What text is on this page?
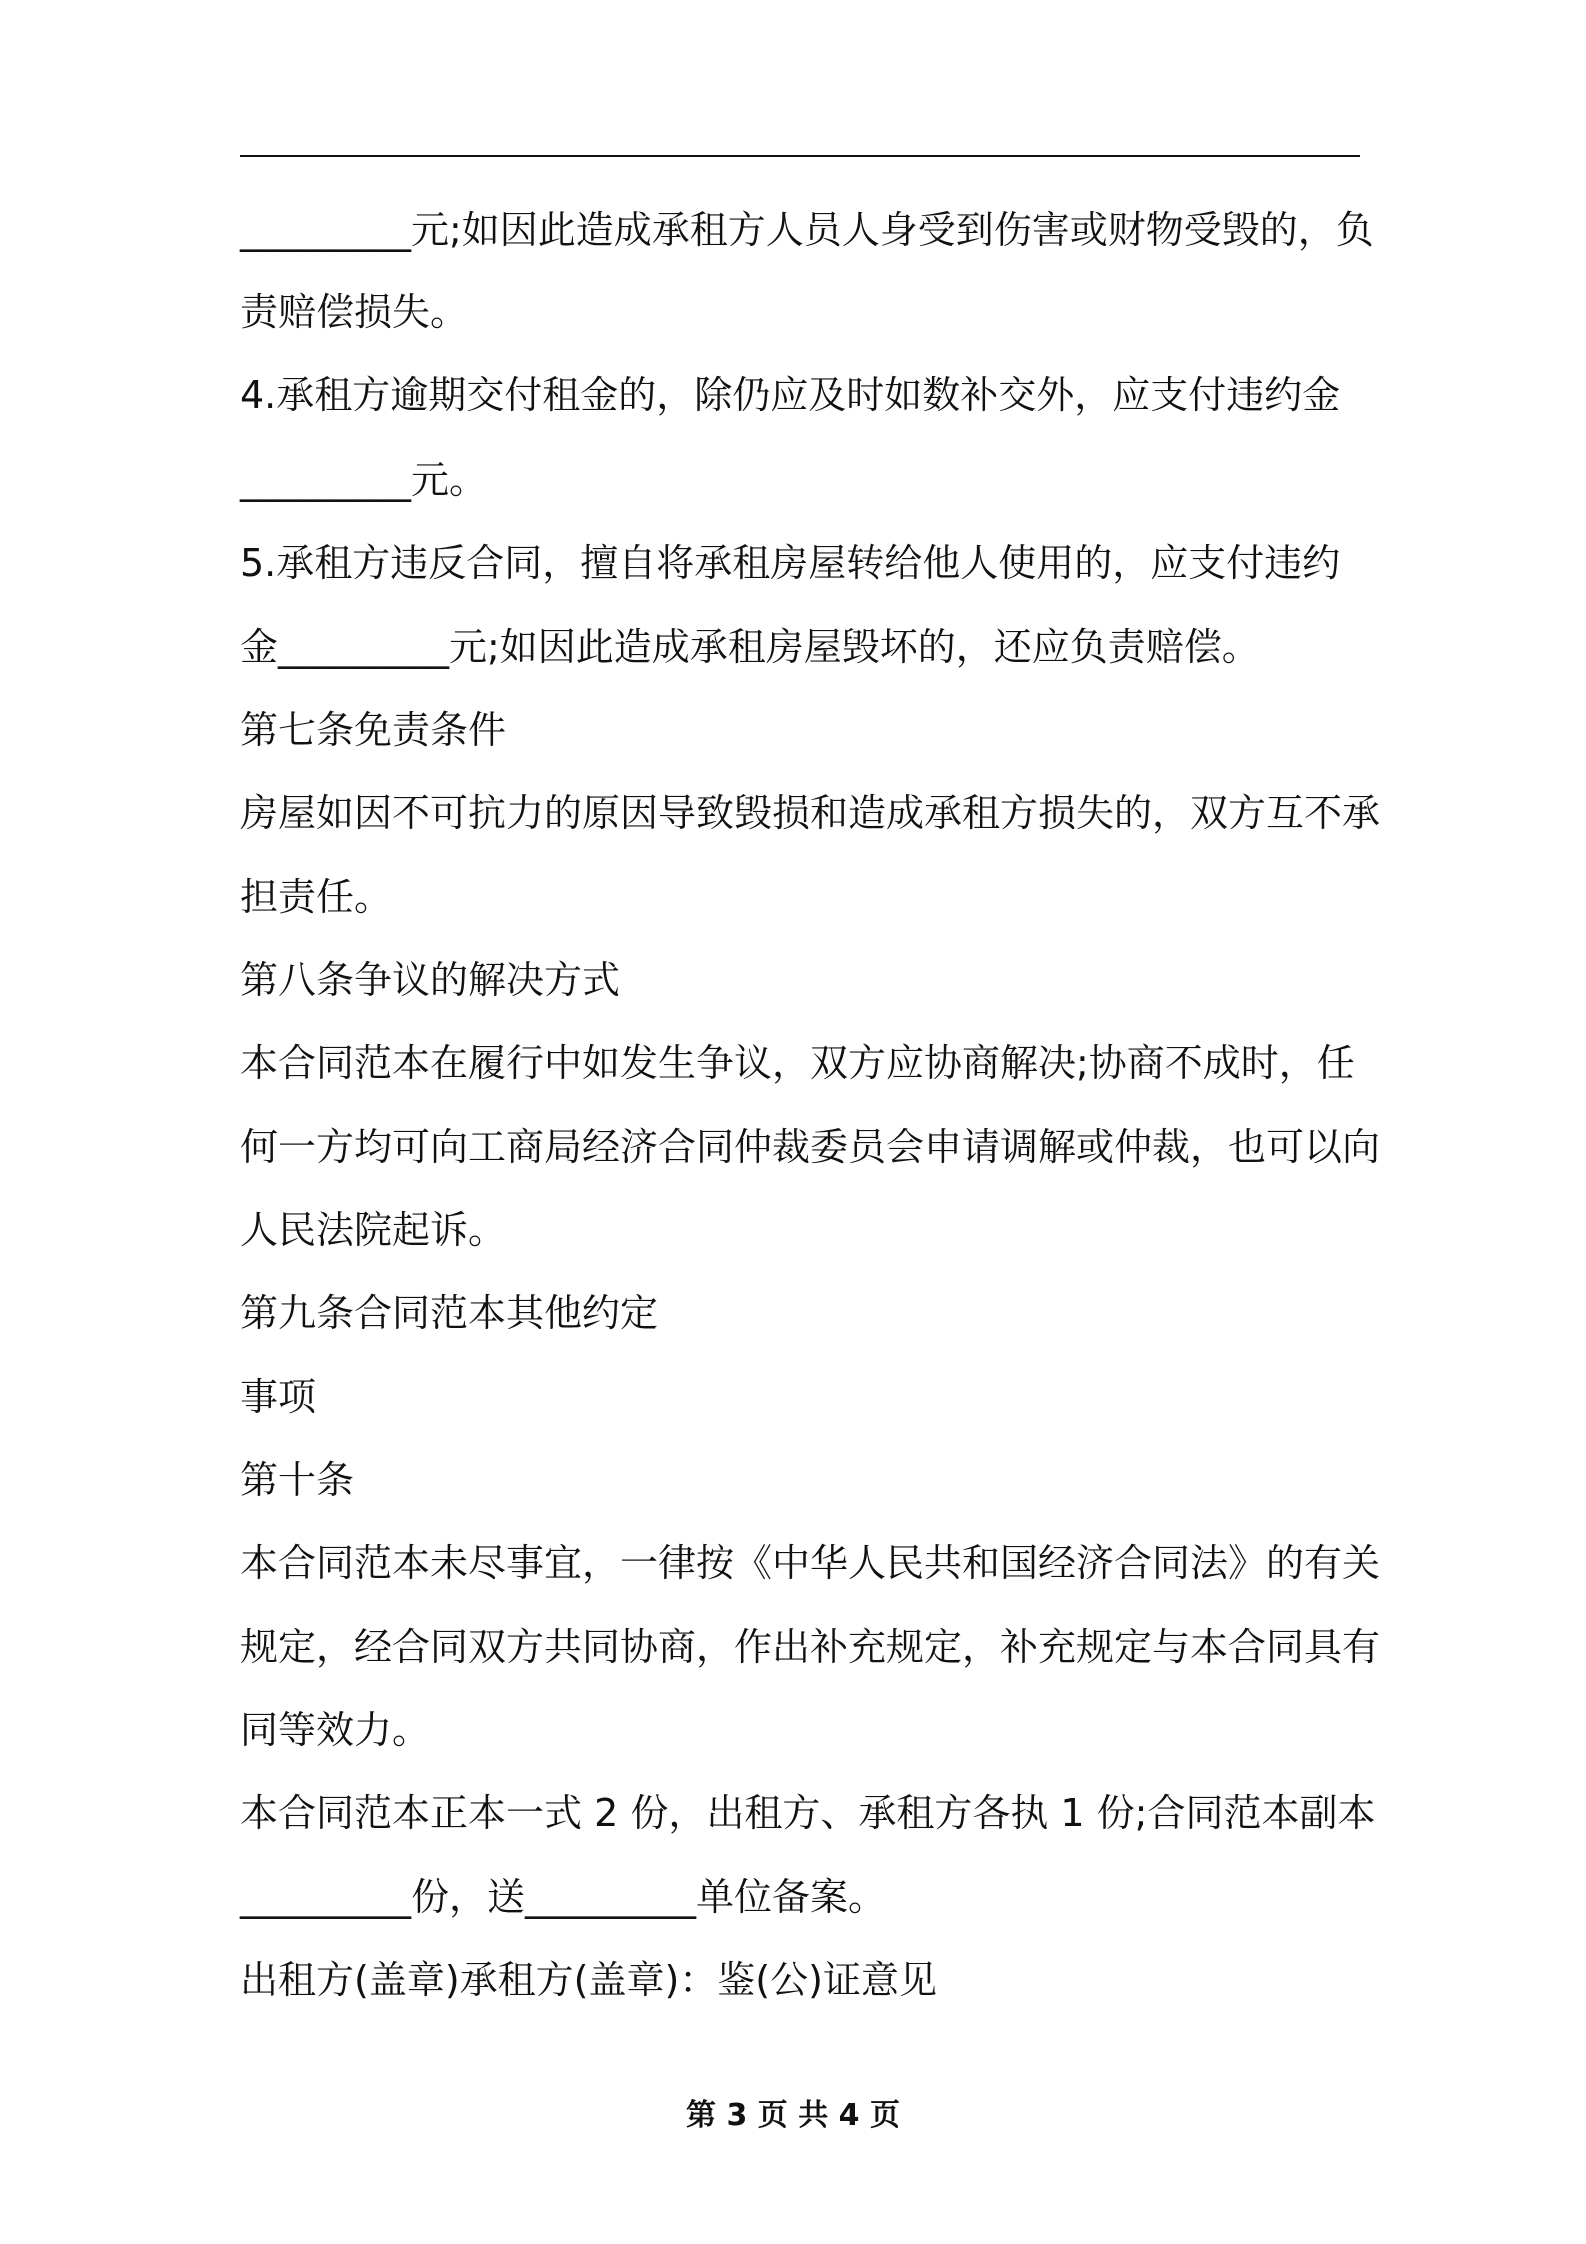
_________元;如因此造成承租方人员人身受到伤害或财物受毁的，负
责赔偿损失。
4.承租方逾期交付租金的，除仍应及时如数补交外，应支付违约金
_________元。
5.承租方违反合同，擅自将承租房屋转给他人使用的，应支付违约
金_________元;如因此造成承租房屋毁坏的，还应负责赔偿。
第七条免责条件
房屋如因不可抗力的原因导致毁损和造成承租方损失的，双方互不承
担责任。
第八条争议的解决方式
本合同范本在履行中如发生争议，双方应协商解决;协商不成时，任
何一方均可向工商局经济合同仲裁委员会申请调解或仲裁，也可以向
人民法院起诉。
第九条合同范本其他约定
事项
第十条
本合同范本未尽事宜，一律按《中华人民共和国经济合同法》的有关
规定，经合同双方共同协商，作出补充规定，补充规定与本合同具有
同等效力。
本合同范本正本一式 2 份，出租方、承租方各执 1 份;合同范本副本
_________份，送_________单位备案。
出租方(盖章)承租方(盖章)：鉴(公)证意见
第 3 页 共 4 页
